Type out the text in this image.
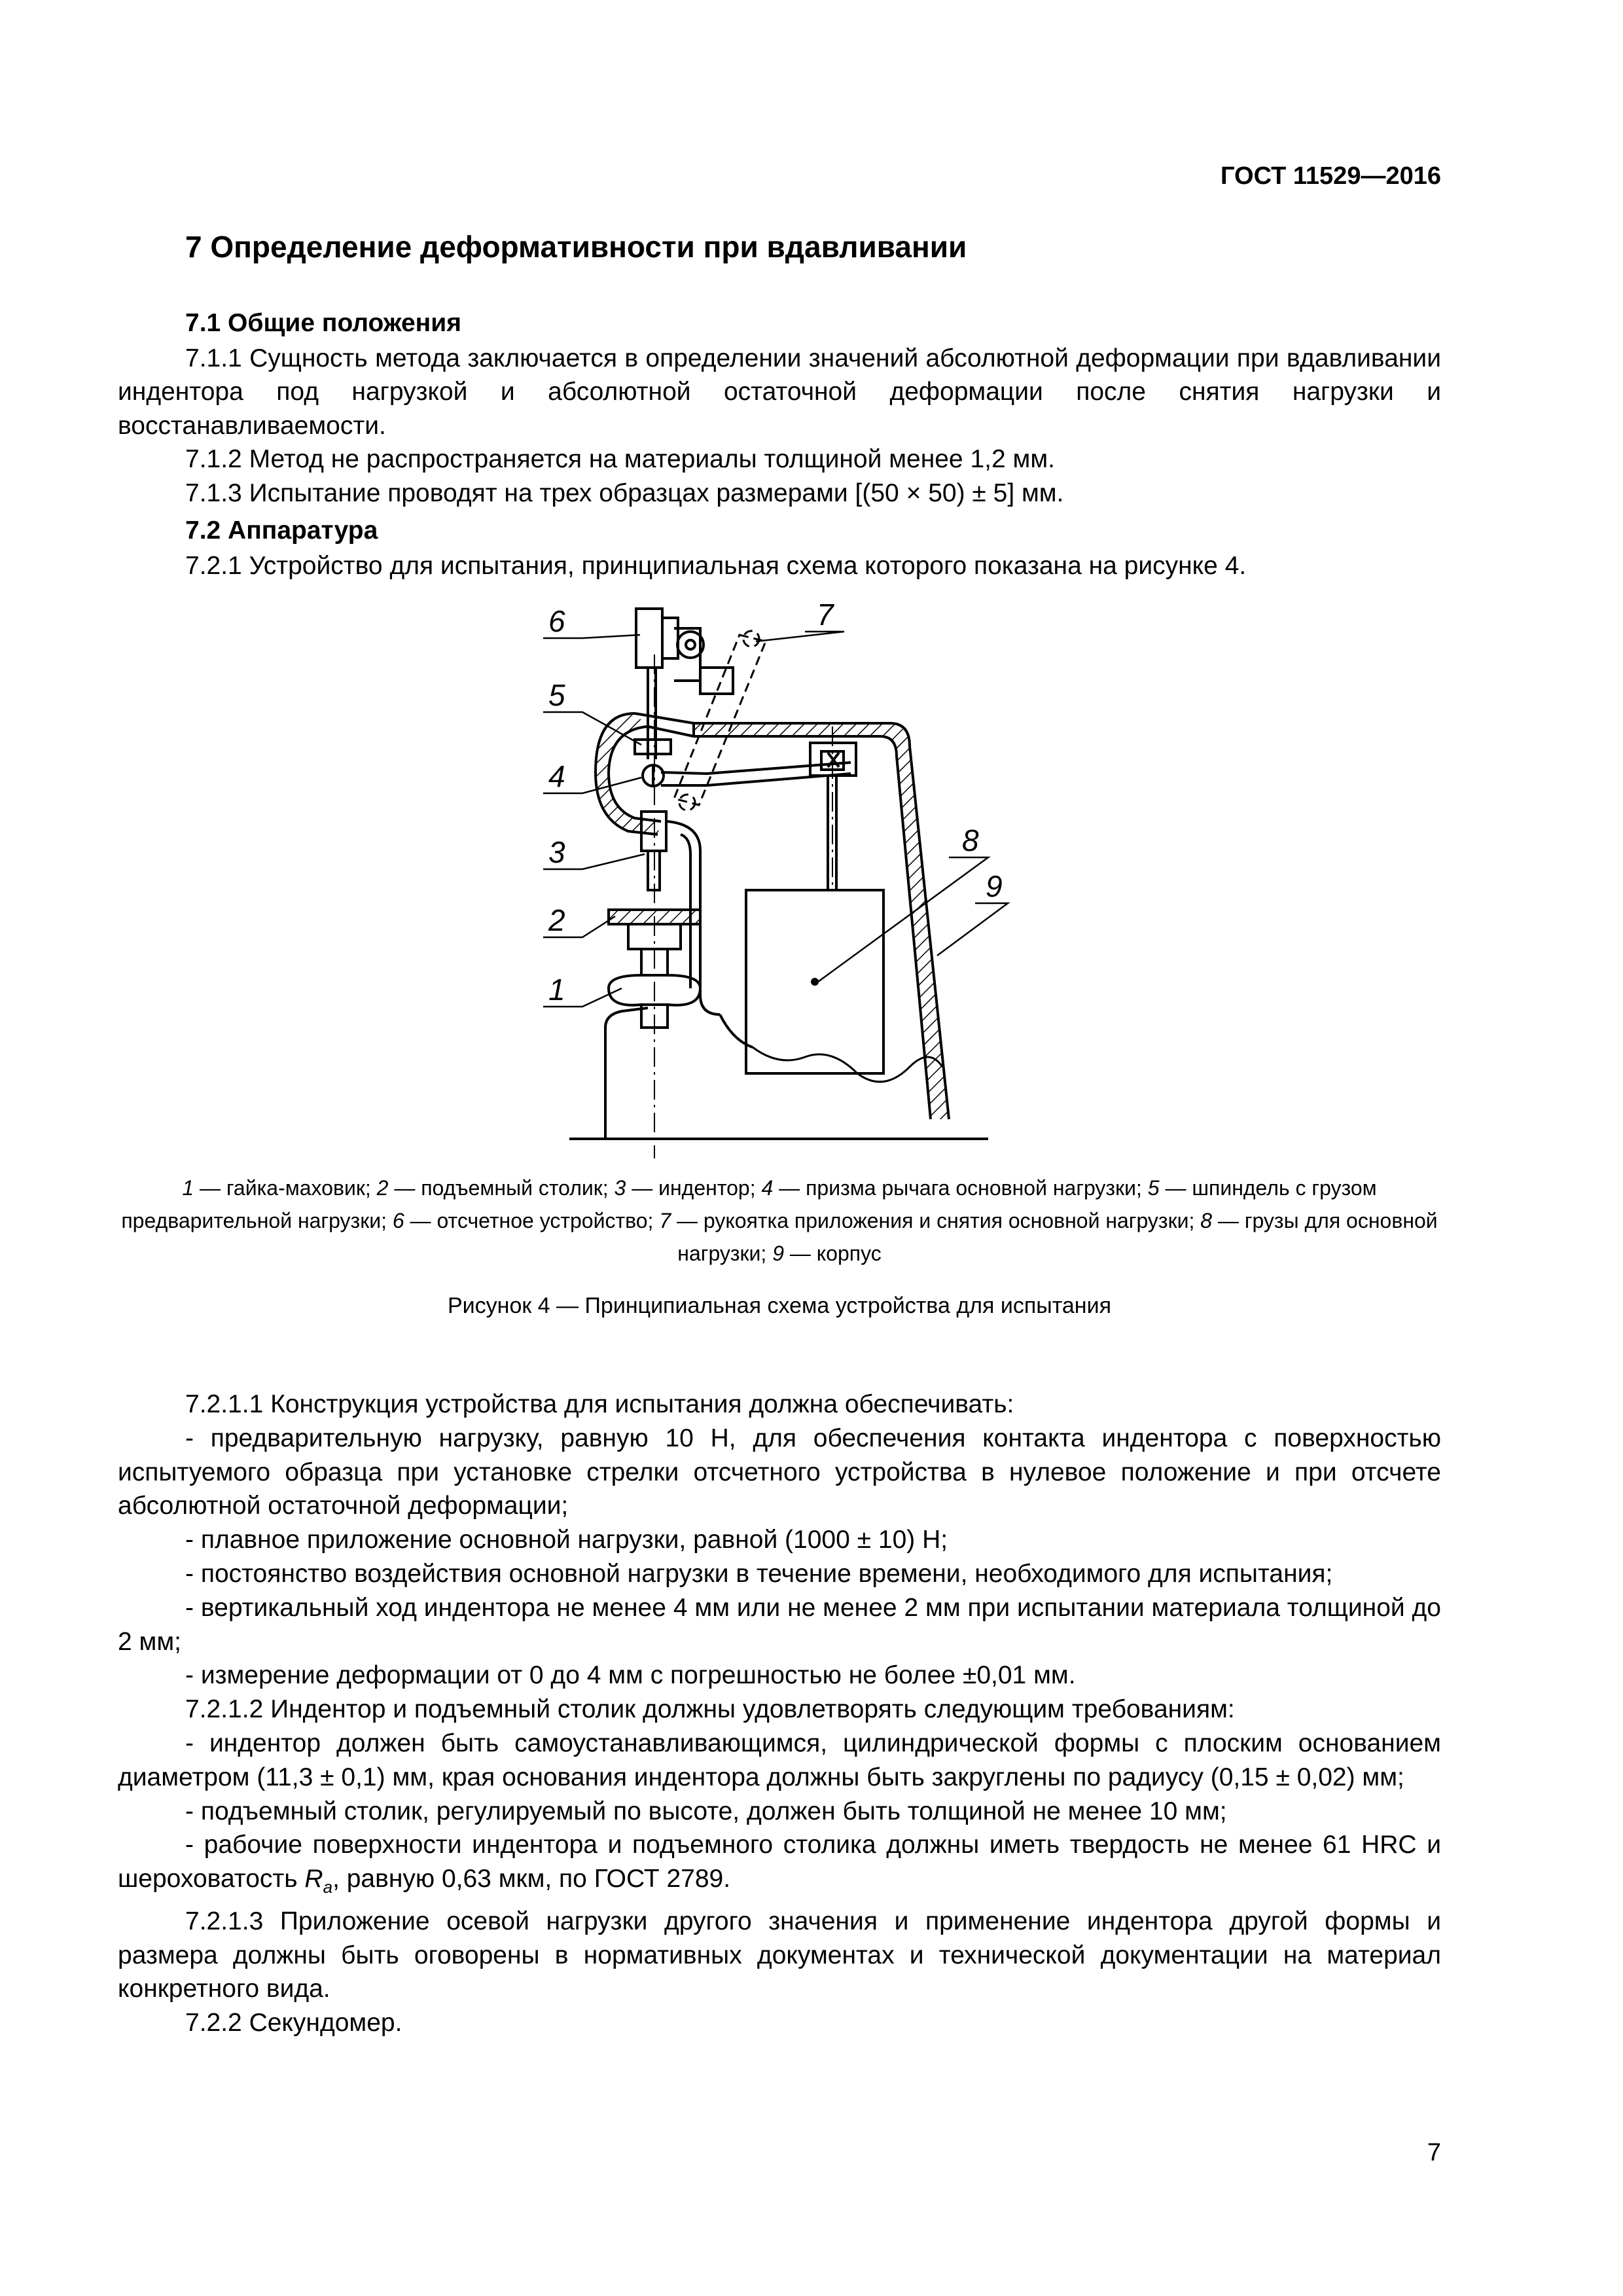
ГОСТ 11529—2016
7 Определение деформативности при вдавливании

7.1 Общие положения

7.1.1 Сущность метода заключается в определении значений абсолютной деформации при вдавливании индентора под нагрузкой и абсолютной остаточной деформации после снятия нагрузки и восстанавливаемости.

7.1.2 Метод не распространяется на материалы толщиной менее 1,2 мм.

7.1.3 Испытание проводят на трех образцах размерами [(50 × 50) ± 5] мм.

7.2 Аппаратура

7.2.1 Устройство для испытания, принципиальная схема которого показана на рисунке 4.

6
5
4
3
2
1
7
8
9
1 — гайка-маховик; 2 — подъемный столик; 3 — индентор; 4 — призма рычага основной нагрузки; 5 — шпиндель с грузом предварительной нагрузки; 6 — отсчетное устройство; 7 — рукоятка приложения и снятия основной нагрузки; 8 — грузы для основной нагрузки; 9 — корпус
Рисунок 4 — Принципиальная схема устройства для испытания

7.2.1.1 Конструкция устройства для испытания должна обеспечивать:

- предварительную нагрузку, равную 10 Н, для обеспечения контакта индентора с поверхностью испытуемого образца при установке стрелки отсчетного устройства в нулевое положение и при отсчете абсолютной остаточной деформации;

- плавное приложение основной нагрузки, равной (1000 ± 10) Н;

- постоянство воздействия основной нагрузки в течение времени, необходимого для испытания;

- вертикальный ход индентора не менее 4 мм или не менее 2 мм при испытании материала толщиной до 2 мм;

- измерение деформации от 0 до 4 мм с погрешностью не более ±0,01 мм.

7.2.1.2 Индентор и подъемный столик должны удовлетворять следующим требованиям:

- индентор должен быть самоустанавливающимся, цилиндрической формы с плоским основанием диаметром (11,3 ± 0,1) мм, края основания индентора должны быть закруглены по радиусу (0,15 ± 0,02) мм;

- подъемный столик, регулируемый по высоте, должен быть толщиной не менее 10 мм;

- рабочие поверхности индентора и подъемного столика должны иметь твердость не менее 61 HRC и шероховатость $R_a$, равную 0,63 мкм, по ГОСТ 2789.

7.2.1.3 Приложение осевой нагрузки другого значения и применение индентора другой формы и размера должны быть оговорены в нормативных документах и технической документации на материал конкретного вида.

7.2.2 Секундомер.

7
